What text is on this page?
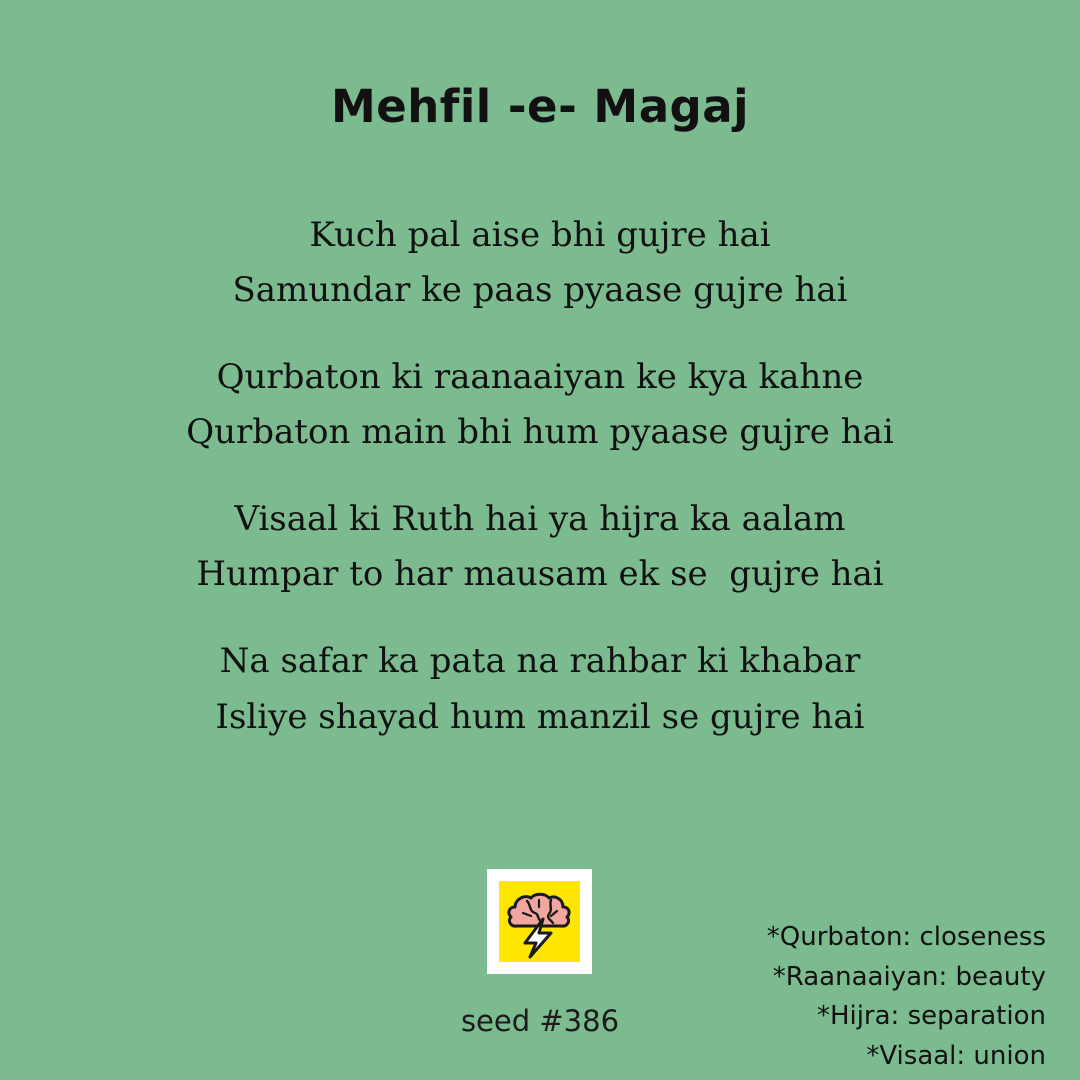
Mehfil -e- Magaj
Kuch pal aise bhi gujre hai
Samundar ke paas pyaase gujre hai
Qurbaton ki raanaaiyan ke kya kahne
Qurbaton main bhi hum pyaase gujre hai
Visaal ki Ruth hai ya hijra ka aalam
Humpar to har mausam ek se  gujre hai
Na safar ka pata na rahbar ki khabar
Isliye shayad hum manzil se gujre hai
seed #386
*Qurbaton: closeness
*Raanaaiyan: beauty
*Hijra: separation
*Visaal: union
